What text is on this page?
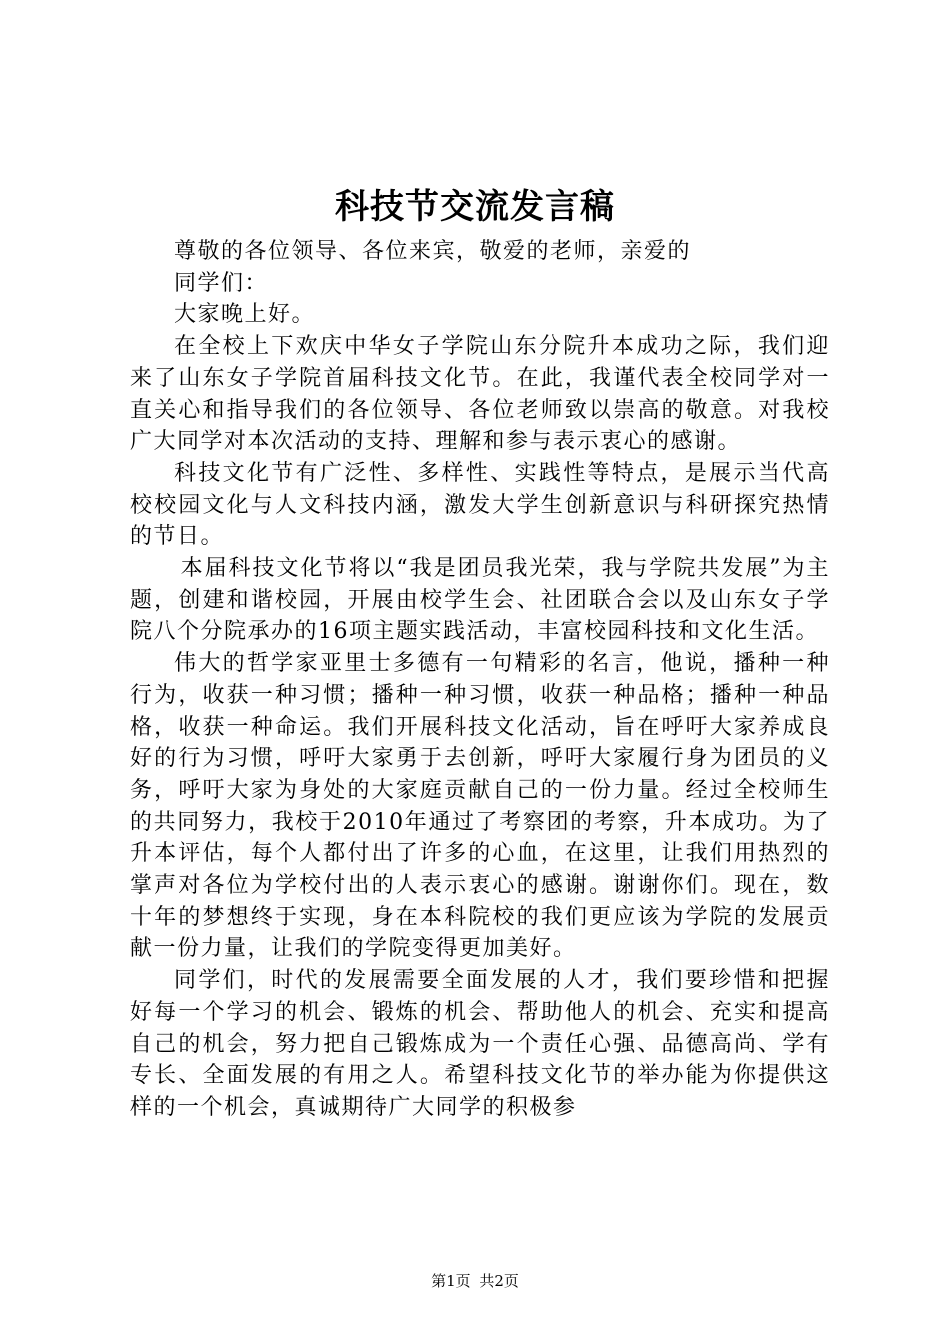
科技节交流发言稿

尊敬的各位领导、各位来宾，敬爱的老师，亲爱的

同学们：

大家晚上好。

在全校上下欢庆中华女子学院山东分院升本成功之际，我们迎来了山东女子学院首届科技文化节。在此，我谨代表全校同学对一直关心和指导我们的各位领导、各位老师致以崇高的敬意。对我校广大同学对本次活动的支持、理解和参与表示衷心的感谢。

科技文化节有广泛性、多样性、实践性等特点，是展示当代高校校园文化与人文科技内涵，激发大学生创新意识与科研探究热情的节日。

本届科技文化节将以“我是团员我光荣，我与学院共发展”为主题，创建和谐校园，开展由校学生会、社团联合会以及山东女子学院八个分院承办的16项主题实践活动，丰富校园科技和文化生活。

伟大的哲学家亚里士多德有一句精彩的名言，他说，播种一种行为，收获一种习惯；播种一种习惯，收获一种品格；播种一种品格，收获一种命运。我们开展科技文化活动，旨在呼吁大家养成良好的行为习惯，呼吁大家勇于去创新，呼吁大家履行身为团员的义务，呼吁大家为身处的大家庭贡献自己的一份力量。经过全校师生的共同努力，我校于2010年通过了考察团的考察，升本成功。为了升本评估，每个人都付出了许多的心血，在这里，让我们用热烈的掌声对各位为学校付出的人表示衷心的感谢。谢谢你们。现在，数十年的梦想终于实现，身在本科院校的我们更应该为学院的发展贡献一份力量，让我们的学院变得更加美好。

同学们，时代的发展需要全面发展的人才，我们要珍惜和把握好每一个学习的机会、锻炼的机会、帮助他人的机会、充实和提高自己的机会，努力把自己锻炼成为一个责任心强、品德高尚、学有专长、全面发展的有用之人。希望科技文化节的举办能为你提供这样的一个机会，真诚期待广大同学的积极参

第1页 共2页
